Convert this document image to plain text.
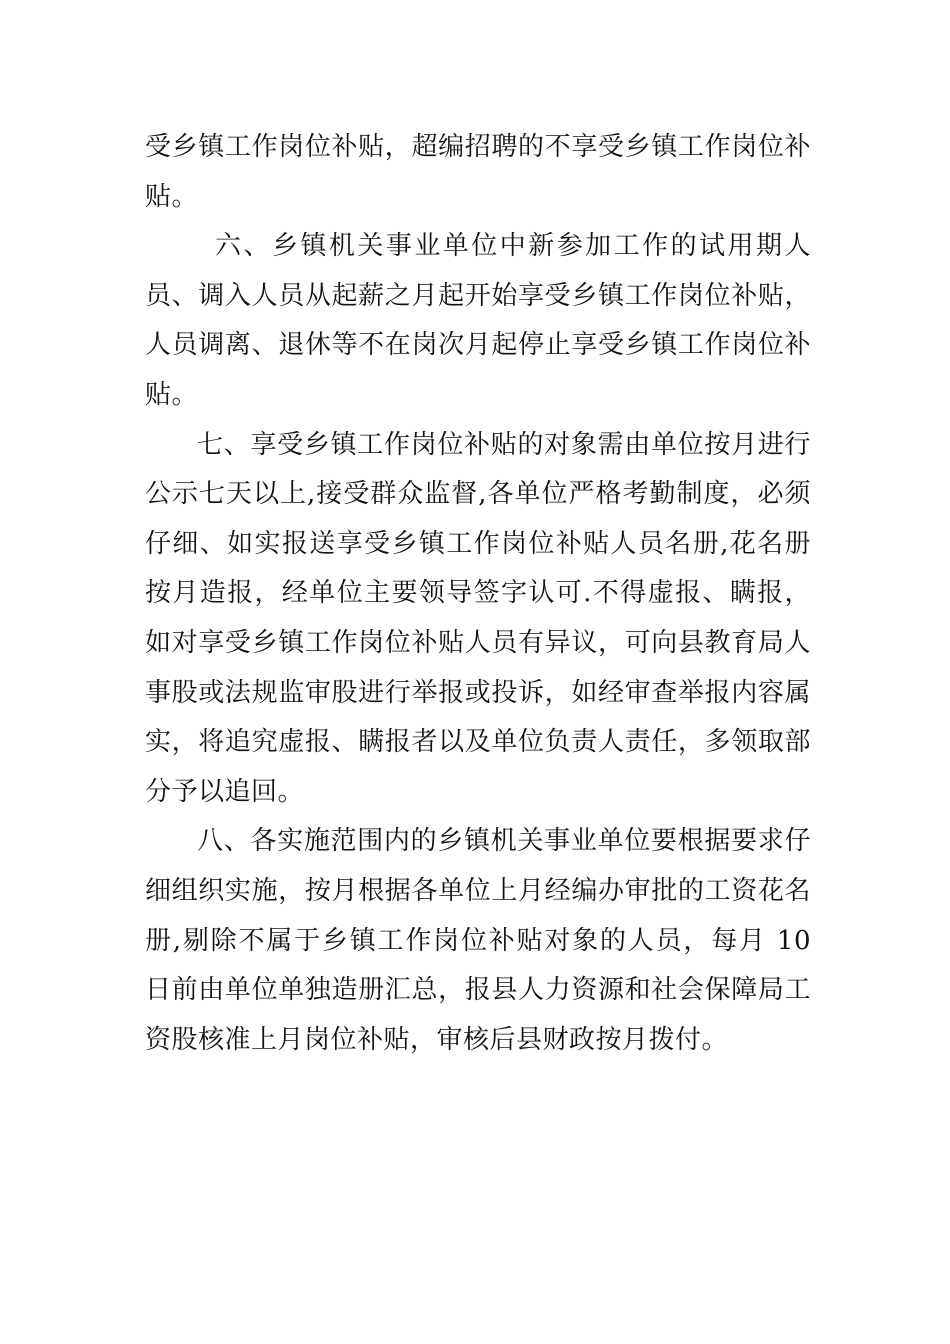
受乡镇工作岗位补贴，超编招聘的不享受乡镇工作岗位补贴。

六、乡镇机关事业单位中新参加工作的试用期人员、调入人员从起薪之月起开始享受乡镇工作岗位补贴，人员调离、退休等不在岗次月起停止享受乡镇工作岗位补贴。

七、享受乡镇工作岗位补贴的对象需由单位按月进行公示七天以上,接受群众监督,各单位严格考勤制度，必须仔细、如实报送享受乡镇工作岗位补贴人员名册,花名册按月造报，经单位主要领导签字认可.不得虚报、瞒报，如对享受乡镇工作岗位补贴人员有异议，可向县教育局人事股或法规监审股进行举报或投诉，如经审查举报内容属实，将追究虚报、瞒报者以及单位负责人责任，多领取部分予以追回。

八、各实施范围内的乡镇机关事业单位要根据要求仔细组织实施，按月根据各单位上月经编办审批的工资花名册,剔除不属于乡镇工作岗位补贴对象的人员，每月 10 日前由单位单独造册汇总，报县人力资源和社会保障局工资股核准上月岗位补贴，审核后县财政按月拨付。
